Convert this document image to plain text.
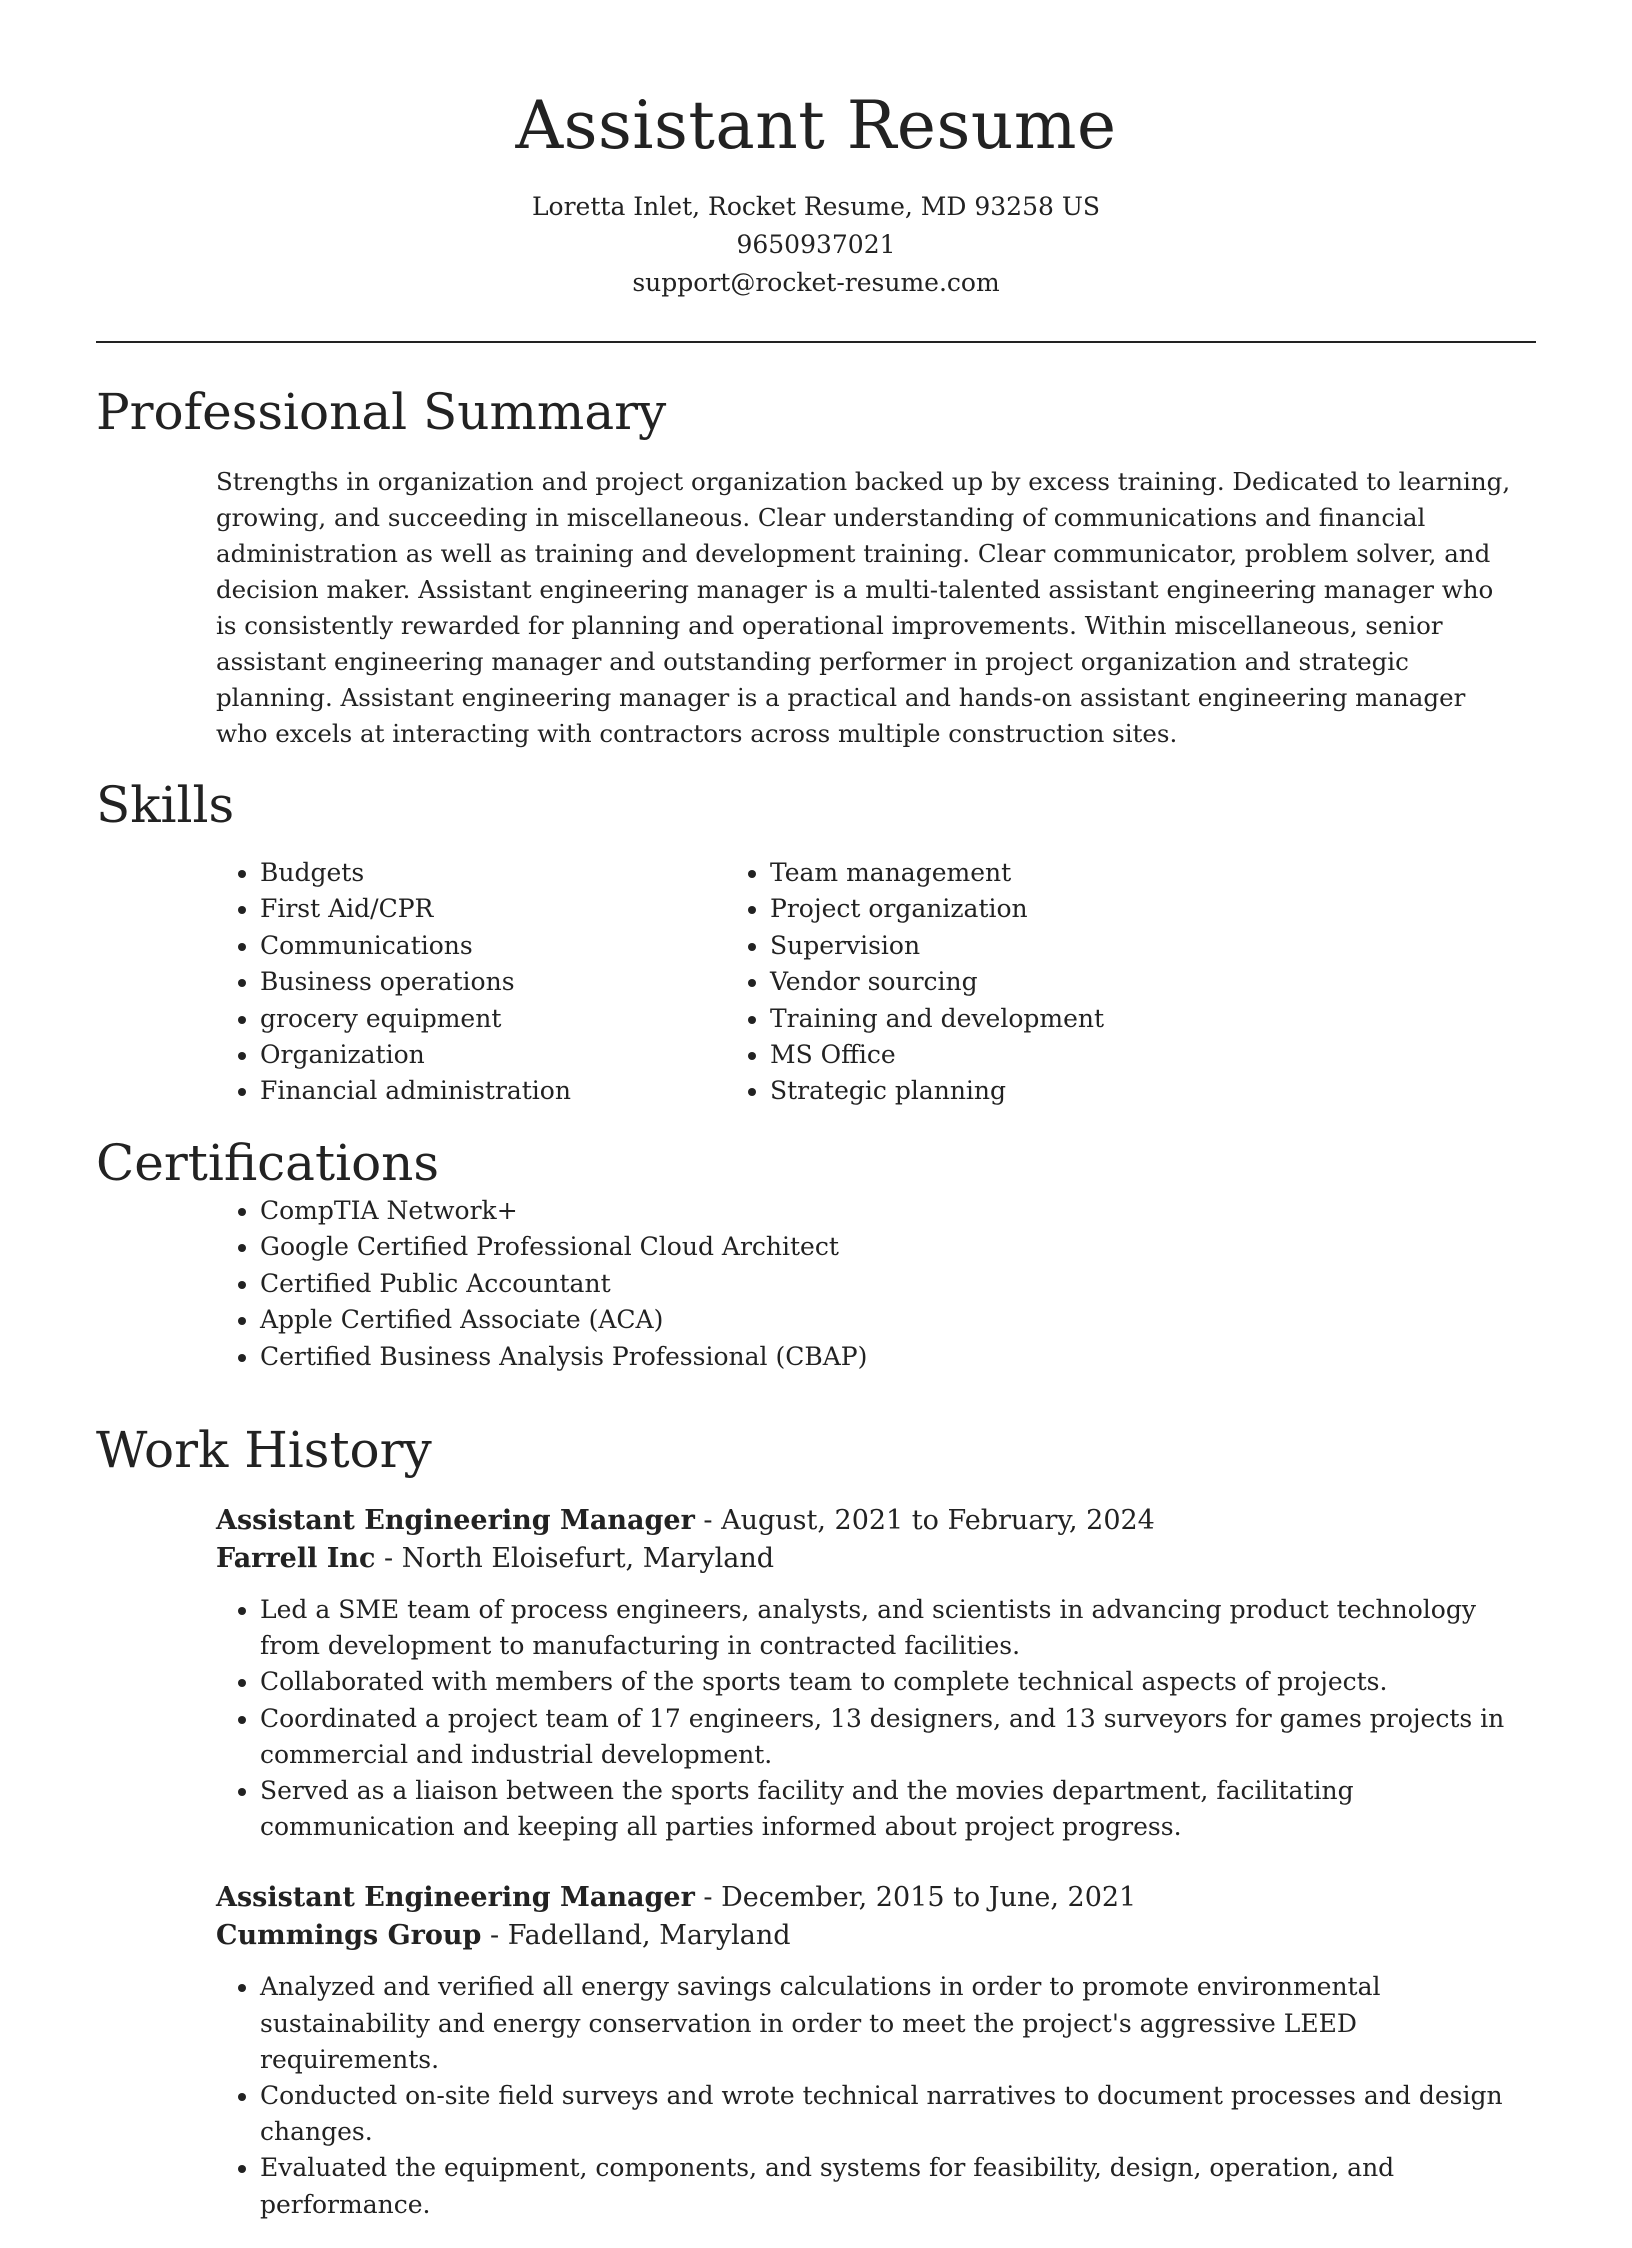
Assistant Resume
Loretta Inlet, Rocket Resume, MD 93258 US
9650937021
support@rocket-resume.com
Professional Summary
Strengths in organization and project organization backed up by excess training. Dedicated to learning, growing, and succeeding in miscellaneous. Clear understanding of communications and financial administration as well as training and development training. Clear communicator, problem solver, and decision maker. Assistant engineering manager is a multi-talented assistant engineering manager who is consistently rewarded for planning and operational improvements. Within miscellaneous, senior assistant engineering manager and outstanding performer in project organization and strategic planning. Assistant engineering manager is a practical and hands-on assistant engineering manager who excels at interacting with contractors across multiple construction sites.
Skills
• Budgets
• First Aid/CPR
• Communications
• Business operations
• grocery equipment
• Organization
• Financial administration
• Team management
• Project organization
• Supervision
• Vendor sourcing
• Training and development
• MS Office
• Strategic planning
Certifications
• CompTIA Network+
• Google Certified Professional Cloud Architect
• Certified Public Accountant
• Apple Certified Associate (ACA)
• Certified Business Analysis Professional (CBAP)
Work History
Assistant Engineering Manager - August, 2021 to February, 2024
Farrell Inc - North Eloisefurt, Maryland
• Led a SME team of process engineers, analysts, and scientists in advancing product technology from development to manufacturing in contracted facilities.
• Collaborated with members of the sports team to complete technical aspects of projects.
• Coordinated a project team of 17 engineers, 13 designers, and 13 surveyors for games projects in commercial and industrial development.
• Served as a liaison between the sports facility and the movies department, facilitating communication and keeping all parties informed about project progress.
Assistant Engineering Manager - December, 2015 to June, 2021
Cummings Group - Fadelland, Maryland
• Analyzed and verified all energy savings calculations in order to promote environmental sustainability and energy conservation in order to meet the project's aggressive LEED requirements.
• Conducted on-site field surveys and wrote technical narratives to document processes and design changes.
• Evaluated the equipment, components, and systems for feasibility, design, operation, and performance.
